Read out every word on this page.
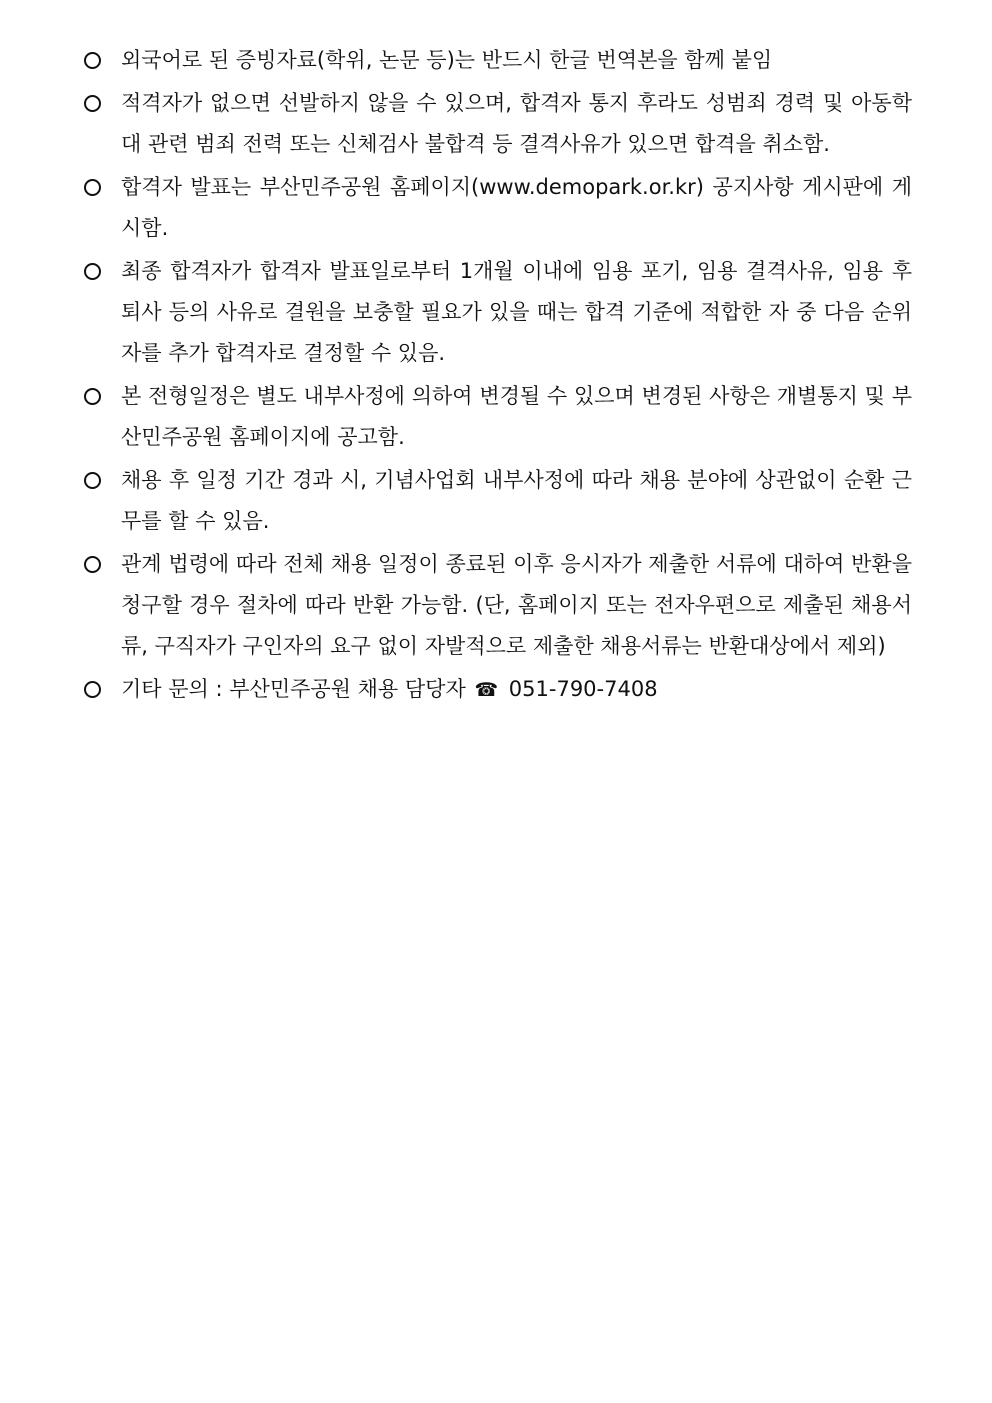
외국어로 된 증빙자료(학위, 논문 등)는 반드시 한글 번역본을 함께 붙임
적격자가 없으면 선발하지 않을 수 있으며, 합격자 통지 후라도 성범죄 경력 및 아동학대 관련 범죄 전력 또는 신체검사 불합격 등 결격사유가 있으면 합격을 취소함.
합격자 발표는 부산민주공원 홈페이지(www.demopark.or.kr) 공지사항 게시판에 게시함.
최종 합격자가 합격자 발표일로부터 1개월 이내에 임용 포기, 임용 결격사유, 임용 후 퇴사 등의 사유로 결원을 보충할 필요가 있을 때는 합격 기준에 적합한 자 중 다음 순위자를 추가 합격자로 결정할 수 있음.
본 전형일정은 별도 내부사정에 의하여 변경될 수 있으며 변경된 사항은 개별통지 및 부산민주공원 홈페이지에 공고함.
채용 후 일정 기간 경과 시, 기념사업회 내부사정에 따라 채용 분야에 상관없이 순환 근무를 할 수 있음.
관계 법령에 따라 전체 채용 일정이 종료된 이후 응시자가 제출한 서류에 대하여 반환을 청구할 경우 절차에 따라 반환 가능함. (단, 홈페이지 또는 전자우편으로 제출된 채용서류, 구직자가 구인자의 요구 없이 자발적으로 제출한 채용서류는 반환대상에서 제외)
기타 문의 : 부산민주공원 채용 담당자 ☎ 051-790-7408
